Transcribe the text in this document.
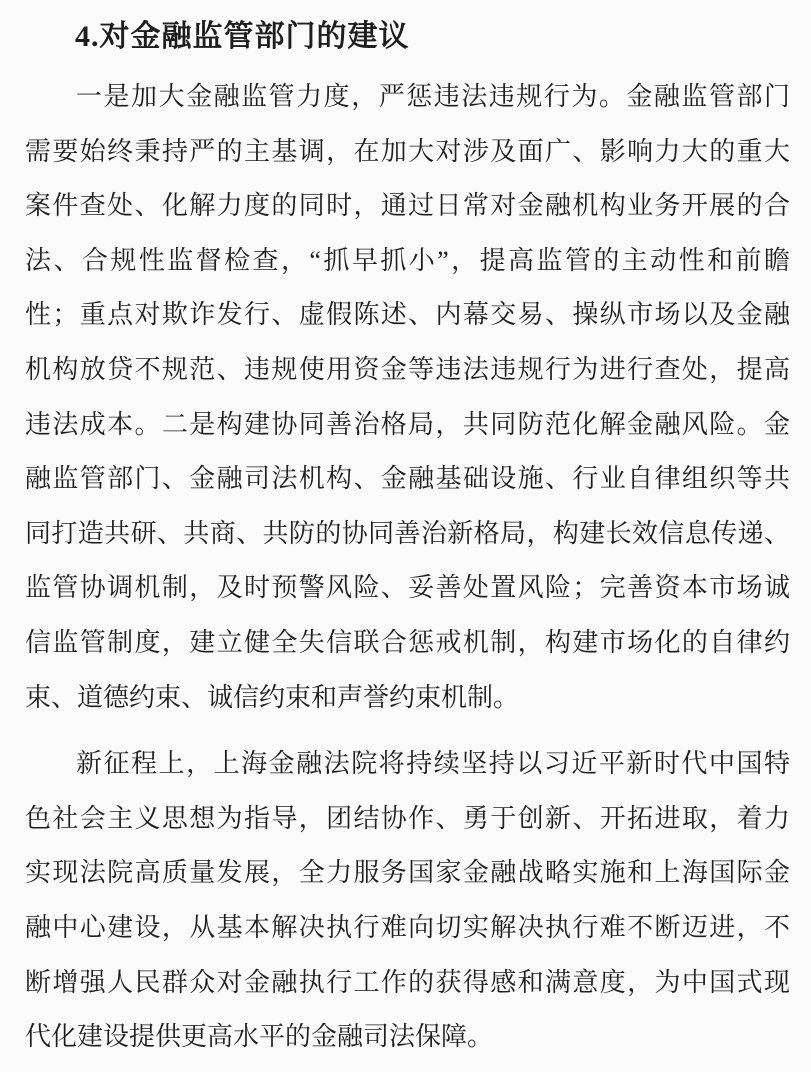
4.对金融监管部门的建议
一是加大金融监管力度，严惩违法违规行为。金融监管部门
需要始终秉持严的主基调，在加大对涉及面广、影响力大的重大
案件查处、化解力度的同时，通过日常对金融机构业务开展的合
法、合规性监督检查，“抓早抓小”，提高监管的主动性和前瞻
性；重点对欺诈发行、虚假陈述、内幕交易、操纵市场以及金融
机构放贷不规范、违规使用资金等违法违规行为进行查处，提高
违法成本。二是构建协同善治格局，共同防范化解金融风险。金
融监管部门、金融司法机构、金融基础设施、行业自律组织等共
同打造共研、共商、共防的协同善治新格局，构建长效信息传递、
监管协调机制，及时预警风险、妥善处置风险；完善资本市场诚
信监管制度，建立健全失信联合惩戒机制，构建市场化的自律约
束、道德约束、诚信约束和声誉约束机制。
新征程上，上海金融法院将持续坚持以习近平新时代中国特
色社会主义思想为指导，团结协作、勇于创新、开拓进取，着力
实现法院高质量发展，全力服务国家金融战略实施和上海国际金
融中心建设，从基本解决执行难向切实解决执行难不断迈进，不
断增强人民群众对金融执行工作的获得感和满意度，为中国式现
代化建设提供更高水平的金融司法保障。
